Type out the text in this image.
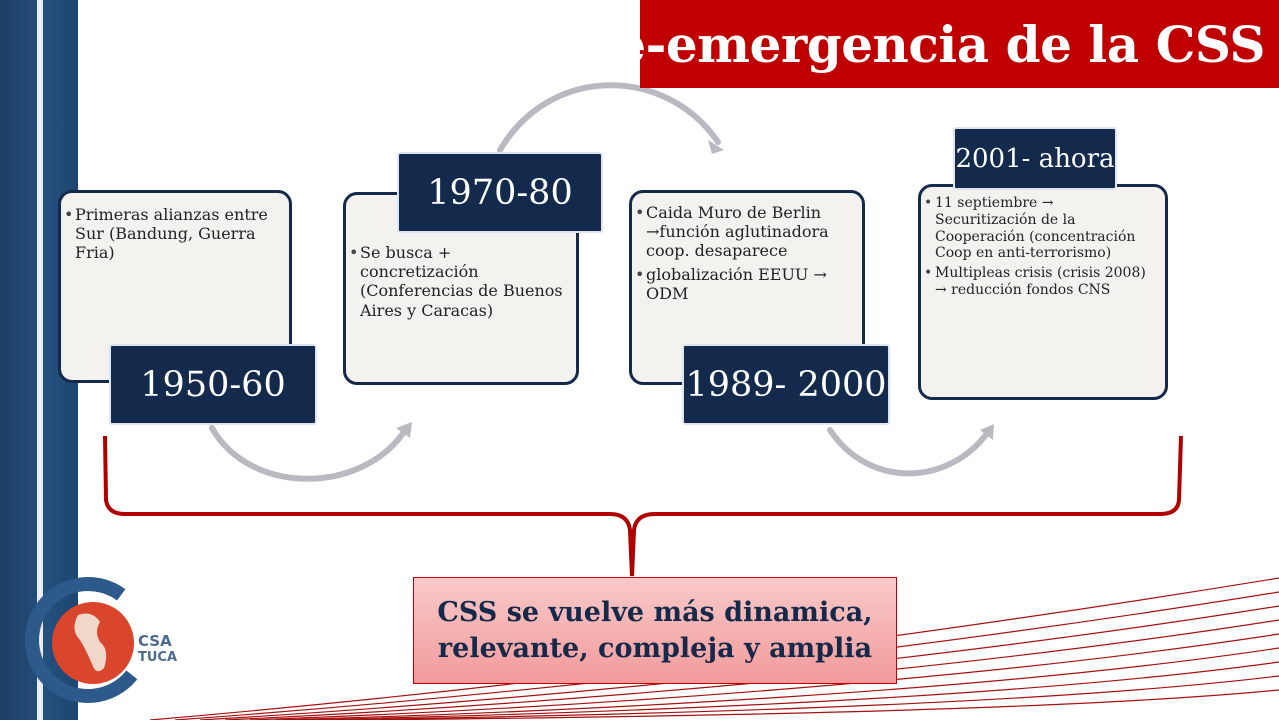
Re-emergencia de la CSS
• Primeras alianzas entre Sur (Bandung, Guerra Fria)
1950-60
• Se busca + concretización (Conferencias de Buenos Aires y Caracas)
1970-80
•	Caida Muro de Berlin →función aglutinadora coop. desaparece
• globalización EEUU → ODM
1989- 2000
• 11 septiembre → Securitización de la Cooperación (concentración Coop en anti-terrorismo)
• Multipleas crisis (crisis 2008) → reducción fondos CNS
2001- ahora
CSS se vuelve más dinamica, relevante, compleja y amplia
CSA
TUCA
